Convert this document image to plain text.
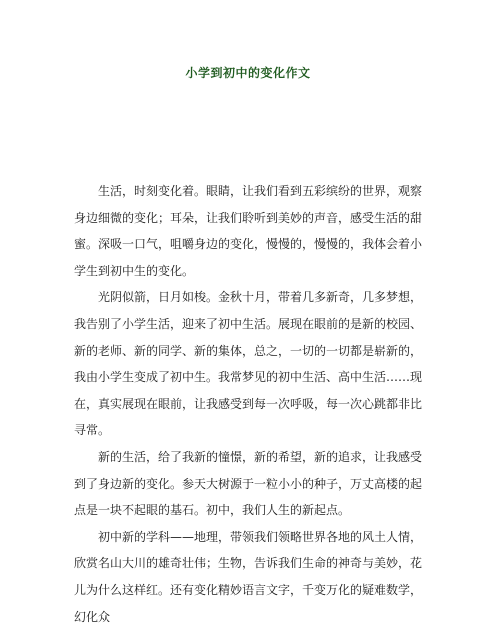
小学到初中的变化作文

生活，时刻变化着。眼睛，让我们看到五彩缤纷的世界，观察身边细微的变化；耳朵，让我们聆听到美妙的声音，感受生活的甜蜜。深吸一口气，咀嚼身边的变化，慢慢的，慢慢的，我体会着小学生到初中生的变化。

光阴似箭，日月如梭。金秋十月，带着几多新奇，几多梦想，我告别了小学生活，迎来了初中生活。展现在眼前的是新的校园、新的老师、新的同学、新的集体，总之，一切的一切都是崭新的，我由小学生变成了初中生。我常梦见的初中生活、高中生活……现在，真实展现在眼前，让我感受到每一次呼吸，每一次心跳都非比寻常。

新的生活，给了我新的憧憬，新的希望，新的追求，让我感受到了身边新的变化。参天大树源于一粒小小的种子，万丈高楼的起点是一块不起眼的基石。初中，我们人生的新起点。

初中新的学科——地理，带领我们领略世界各地的风土人情，欣赏名山大川的雄奇壮伟；生物，告诉我们生命的神奇与美妙，花儿为什么这样红。还有变化精妙语言文字，千变万化的疑难数学，幻化众
